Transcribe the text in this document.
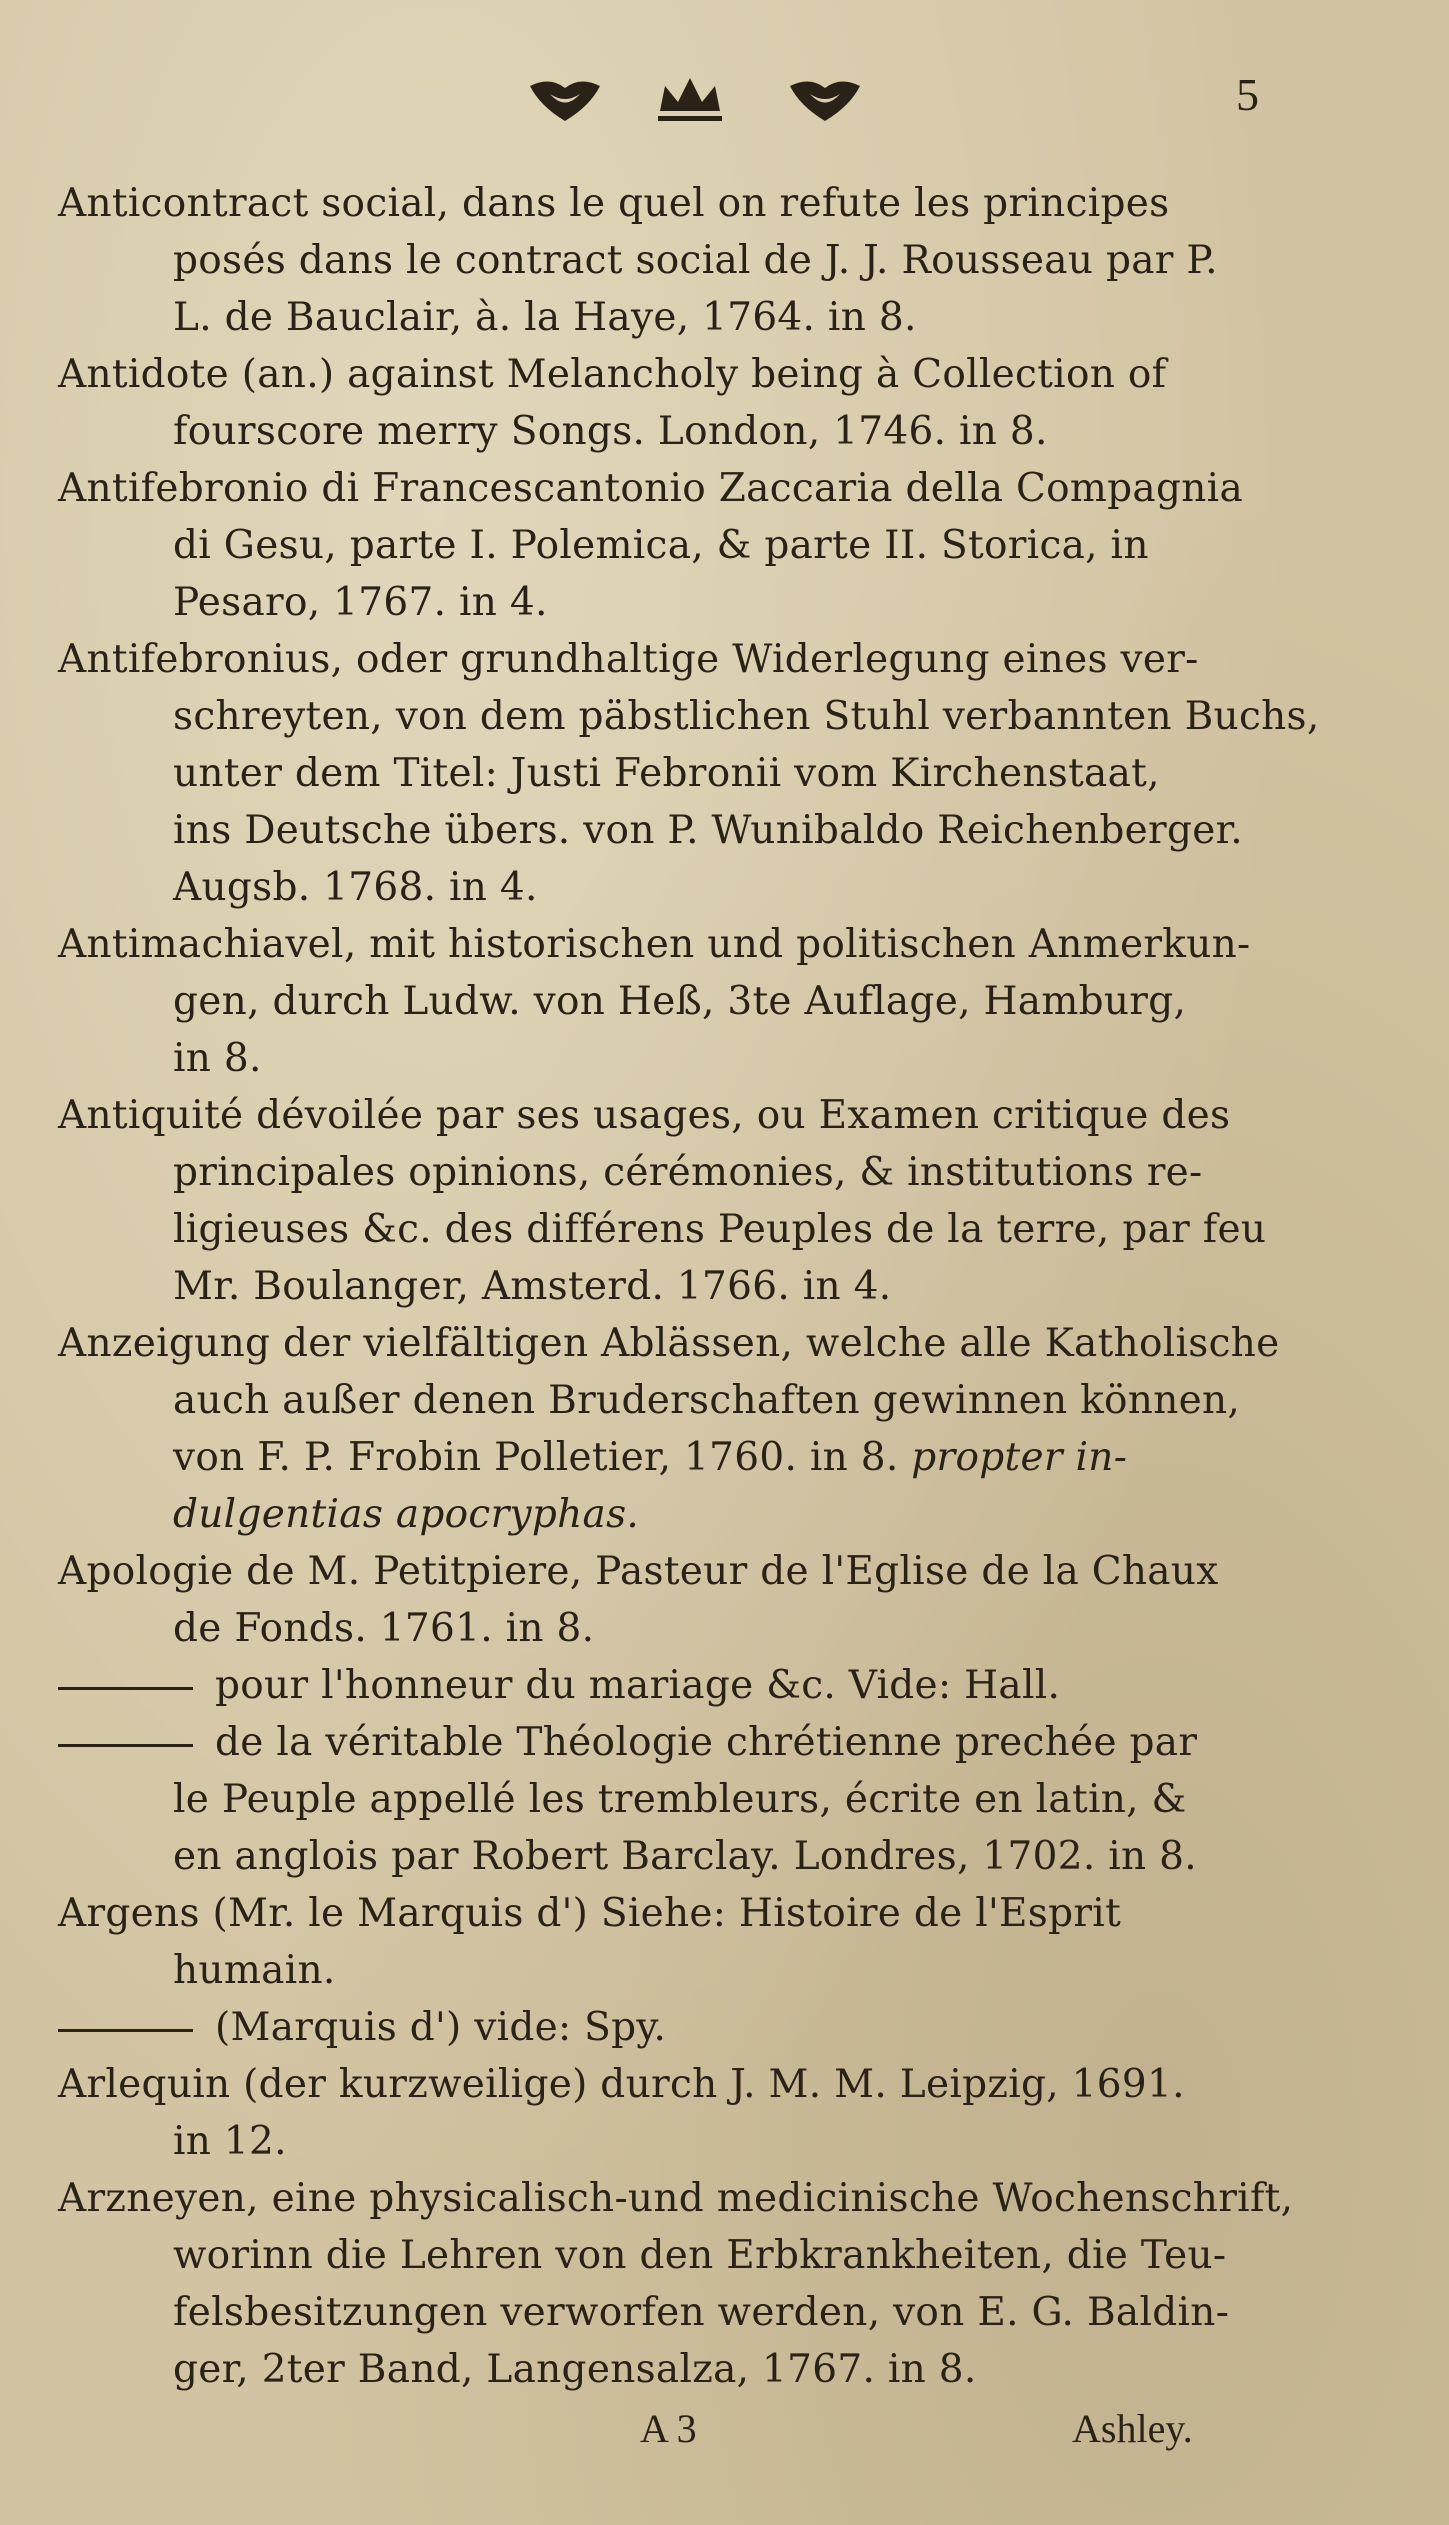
5
Anticontract social, dans le quel on refute les principes
posés dans le contract social de J. J. Rousseau par P.
L. de Bauclair, à. la Haye, 1764. in 8.
Antidote (an.) against Melancholy being à Collection of
fourscore merry Songs. London, 1746. in 8.
Antifebronio di Francescantonio Zaccaria della Compagnia
di Gesu, parte I. Polemica, & parte II. Storica, in
Pesaro, 1767. in 4.
Antifebronius, oder grundhaltige Widerlegung eines ver-
schreyten, von dem päbstlichen Stuhl verbannten Buchs,
unter dem Titel: Justi Febronii vom Kirchenstaat,
ins Deutsche übers. von P. Wunibaldo Reichenberger.
Augsb. 1768. in 4.
Antimachiavel, mit historischen und politischen Anmerkun-
gen, durch Ludw. von Heß, 3te Auflage, Hamburg,
in 8.
Antiquité dévoilée par ses usages, ou Examen critique des
principales opinions, cérémonies, & institutions re-
ligieuses &c. des différens Peuples de la terre, par feu
Mr. Boulanger, Amsterd. 1766. in 4.
Anzeigung der vielfältigen Ablässen, welche alle Katholische
auch außer denen Bruderschaften gewinnen können,
von F. P. Frobin Polletier, 1760. in 8. propter in-
dulgentias apocryphas.
Apologie de M. Petitpiere, Pasteur de l'Eglise de la Chaux
de Fonds. 1761. in 8.
pour l'honneur du mariage &c. Vide: Hall.
de la véritable Théologie chrétienne prechée par
le Peuple appellé les trembleurs, écrite en latin, &
en anglois par Robert Barclay. Londres, 1702. in 8.
Argens (Mr. le Marquis d') Siehe: Histoire de l'Esprit
humain.
(Marquis d') vide: Spy.
Arlequin (der kurzweilige) durch J. M. M. Leipzig, 1691.
in 12.
Arzneyen, eine physicalisch-und medicinische Wochenschrift,
worinn die Lehren von den Erbkrankheiten, die Teu-
felsbesitzungen verworfen werden, von E. G. Baldin-
ger, 2ter Band, Langensalza, 1767. in 8.
A 3	Ashley.
